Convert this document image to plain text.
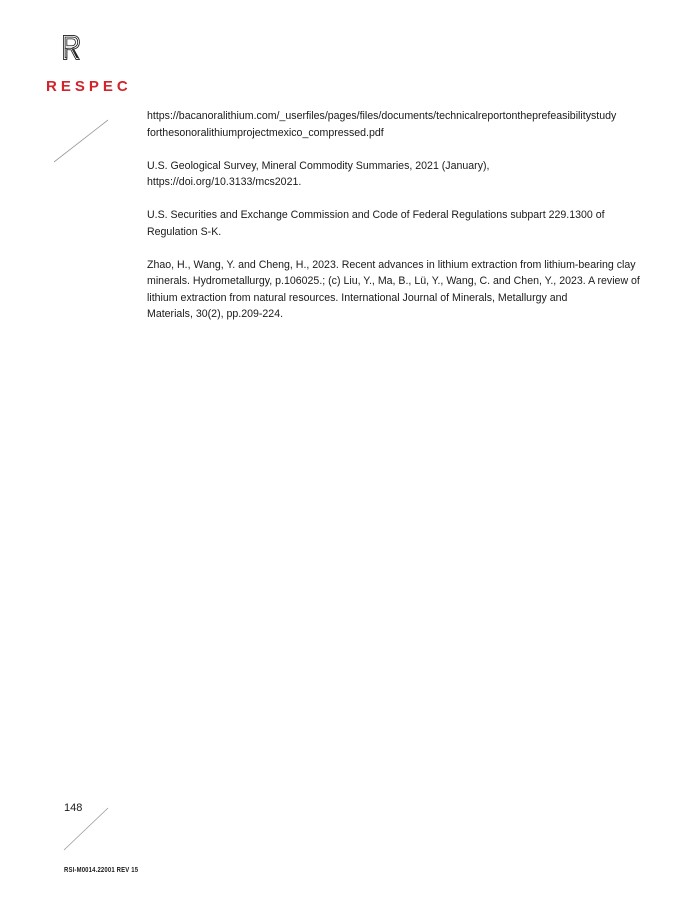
RESPEC
https://bacanoralithium.com/_userfiles/pages/files/documents/technicalreportontheprefeasibilitystudy
forthesonoralithiumprojectmexico_compressed.pdf
U.S. Geological Survey, Mineral Commodity Summaries, 2021 (January),
https://doi.org/10.3133/mcs2021.
U.S. Securities and Exchange Commission and Code of Federal Regulations subpart 229.1300 of
Regulation S-K.
Zhao, H., Wang, Y. and Cheng, H., 2023. Recent advances in lithium extraction from lithium-bearing clay
minerals. Hydrometallurgy, p.106025.; (c) Liu, Y., Ma, B., Lü, Y., Wang, C. and Chen, Y., 2023. A review of
lithium extraction from natural resources. International Journal of Minerals, Metallurgy and
Materials, 30(2), pp.209-224.
148
RSI-M0014.22001 REV 15
